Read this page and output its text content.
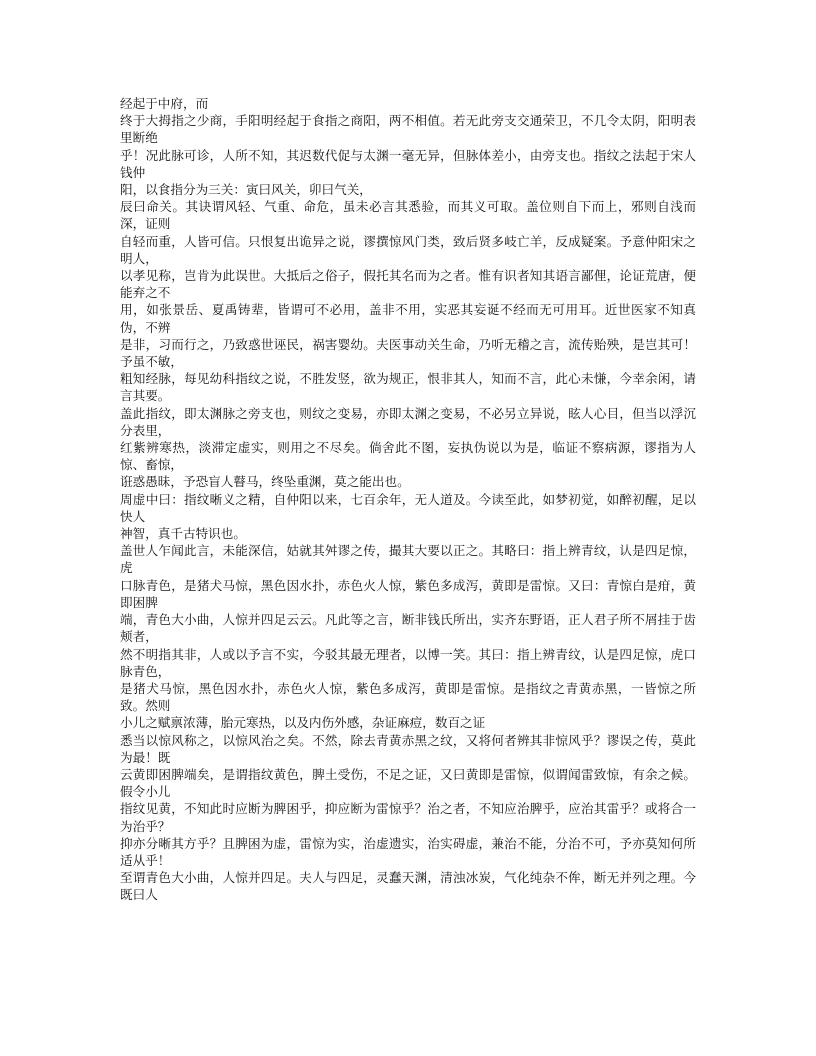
经起于中府，而

终于大拇指之少商，手阳明经起于食指之商阳，两不相值。若无此旁支交通荣卫，不几令太阴，阳明表里断绝

乎！况此脉可诊，人所不知，其迟数代促与太渊一毫无异，但脉体差小，由旁支也。指纹之法起于宋人钱仲

阳，以食指分为三关：寅曰风关，卯曰气关，

辰曰命关。其诀谓风轻、气重、命危，虽未必言其悉验，而其义可取。盖位则自下而上，邪则自浅而深，证则

自轻而重，人皆可信。只恨复出诡异之说，谬撰惊风门类，致后贤多岐亡羊，反成疑案。予意仲阳宋之明人，

以孝见称，岂肯为此误世。大抵后之俗子，假托其名而为之者。惟有识者知其语言鄙俚，论证荒唐，便能弃之不

用，如张景岳、夏禹铸辈，皆谓可不必用，盖非不用，实恶其妄诞不经而无可用耳。近世医家不知真伪，不辨

是非，习而行之，乃致惑世诬民，祸害婴幼。夫医事动关生命，乃听无稽之言，流传贻殃，是岂其可！予虽不敏，

粗知经脉，每见幼科指纹之说，不胜发竖，欲为规正，恨非其人，知而不言，此心未慊，今幸余闲，请言其要。

盖此指纹，即太渊脉之旁支也，则纹之变易，亦即太渊之变易，不必另立异说，眩人心目，但当以浮沉分表里，

红紫辨寒热，淡滞定虚实，则用之不尽矣。倘舍此不图，妄执伪说以为是，临证不察病源，谬指为人惊、畜惊，

诳惑愚昧，予恐盲人瞽马，终坠重渊，莫之能出也。

周虚中曰：指纹晰义之精，自仲阳以来，七百余年，无人道及。今读至此，如梦初觉，如醉初醒，足以快人

神智，真千古特识也。

盖世人乍闻此言，未能深信，姑就其舛谬之传，撮其大要以正之。其略曰：指上辨青纹，认是四足惊，虎

口脉青色，是猪犬马惊，黑色因水扑，赤色火人惊，紫色多成泻，黄即是雷惊。又曰：青惊白是疳，黄即困脾

端，青色大小曲，人惊并四足云云。凡此等之言，断非钱氏所出，实齐东野语，正人君子所不屑挂于齿颊者，

然不明指其非，人或以予言不实，今驳其最无理者，以博一笑。其曰：指上辨青纹，认是四足惊，虎口脉青色，

是猪犬马惊，黑色因水扑，赤色火人惊，紫色多成泻，黄即是雷惊。是指纹之青黄赤黑，一皆惊之所致。然则

小儿之赋禀浓薄，胎元寒热，以及内伤外感，杂证麻痘，数百之证

悉当以惊风称之，以惊风治之矣。不然，除去青黄赤黑之纹，又将何者辨其非惊风乎？谬误之传，莫此为最！既

云黄即困脾端矣，是谓指纹黄色，脾土受伤，不足之证，又曰黄即是雷惊，似谓闻雷致惊，有余之候。假令小儿

指纹见黄，不知此时应断为脾困乎，抑应断为雷惊乎？治之者，不知应治脾乎，应治其雷乎？或将合一为治乎？

抑亦分晰其方乎？且脾困为虚，雷惊为实，治虚遗实，治实碍虚，兼治不能，分治不可，予亦莫知何所适从乎！

至谓青色大小曲，人惊并四足。夫人与四足，灵蠢天渊，清浊冰炭，气化纯杂不侔，断无并列之理。今既曰人
